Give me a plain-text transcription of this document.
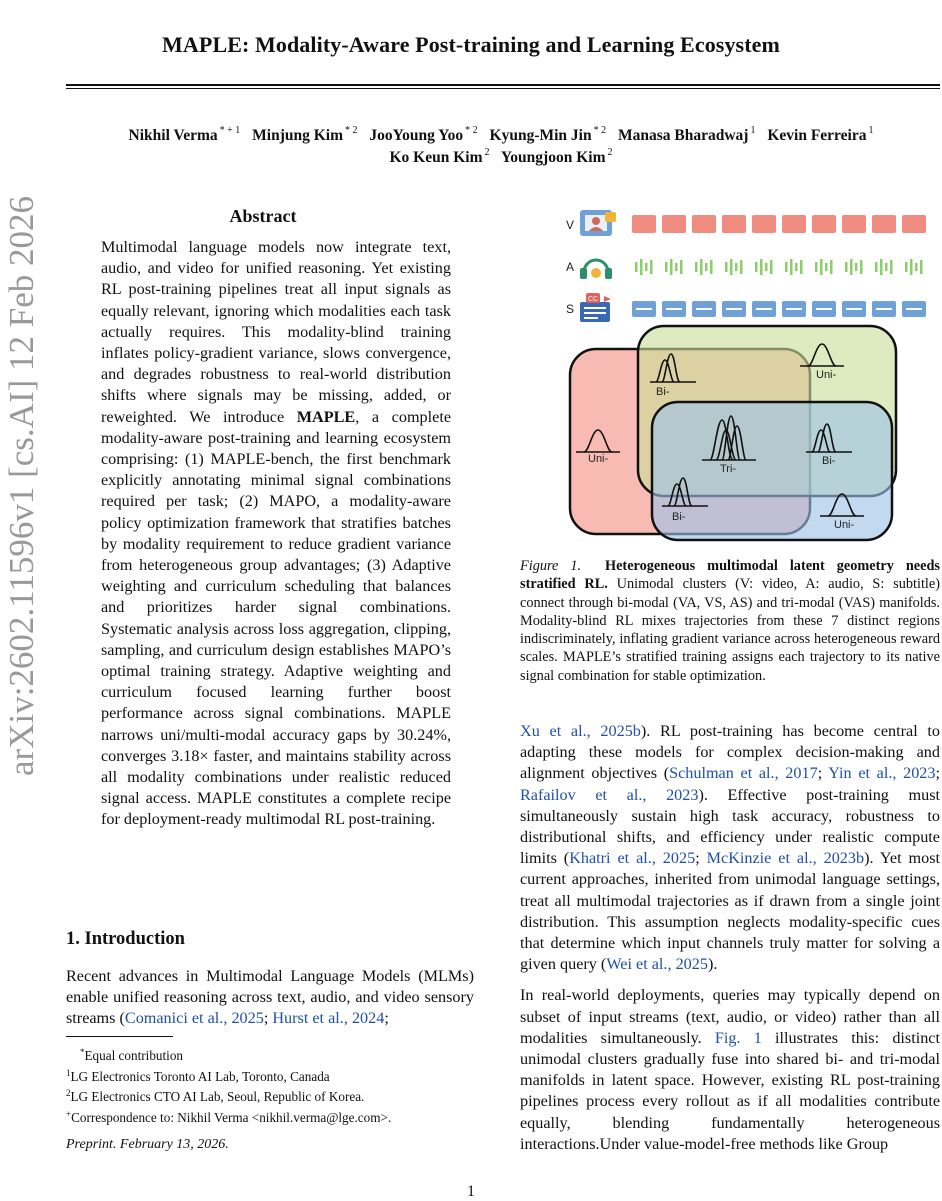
MAPLE: Modality-Aware Post-training and Learning Ecosystem
Nikhil Verma $^{* + 1}$ Minjung Kim $^{* 2}$ JooYoung Yoo $^{* 2}$ Kyung-Min Jin $^{* 2}$ Manasa Bharadwaj $^1$ Kevin Ferreira $^1$
Ko Keun Kim $^2$ Youngjoon Kim $^2$
arXiv:2602.11596v1 [cs.AI] 12 Feb 2026	Abstract
Multimodal language models now integrate text, audio, and video for unified reasoning. Yet existing RL post-training pipelines treat all input signals as equally relevant, ignoring which modalities each task actually requires. This modality-blind training inflates policy-gradient variance, slows convergence, and degrades robustness to real-world distribution shifts where signals may be missing, added, or reweighted. We introduce MAPLE, a complete modality-aware post-training and learning ecosystem comprising: (1) MAPLE-bench, the first benchmark explicitly annotating minimal signal combinations required per task; (2) MAPO, a modality-aware policy optimization framework that stratifies batches by modality requirement to reduce gradient variance from heterogeneous group advantages; (3) Adaptive weighting and curriculum scheduling that balances and prioritizes harder signal combinations. Systematic analysis across loss aggregation, clipping, sampling, and curriculum design establishes MAPO’s optimal training strategy. Adaptive weighting and curriculum focused learning further boost performance across signal combinations. MAPLE narrows uni/multi-modal accuracy gaps by 30.24%, converges 3.18× faster, and maintains stability across all modality combinations under realistic reduced signal access. MAPLE constitutes a complete recipe for deployment-ready multimodal RL post-training.
1. Introduction
Recent advances in Multimodal Language Models (MLMs) enable unified reasoning across text, audio, and video sensory streams (Comanici et al., 2025; Hurst et al., 2024;
*Equal contribution
$^1$LG Electronics Toronto AI Lab, Toronto, Canada
$^2$LG Electronics CTO AI Lab, Seoul, Republic of Korea.
+Correspondence to: Nikhil Verma <nikhil.verma@lge.com>.
Preprint. February 13, 2026.
1
V
A
S
CC
Uni-
Bi-
Uni-
Tri-
Bi-
Bi-
Uni-
Figure 1. Heterogeneous multimodal latent geometry needs stratified RL. Unimodal clusters (V: video, A: audio, S: subtitle) connect through bi-modal (VA, VS, AS) and tri-modal (VAS) manifolds. Modality-blind RL mixes trajectories from these 7 distinct regions indiscriminately, inflating gradient variance across heterogeneous reward scales. MAPLE’s stratified training assigns each trajectory to its native signal combination for stable optimization.

Xu et al., 2025b). RL post-training has become central to adapting these models for complex decision-making and alignment objectives (Schulman et al., 2017; Yin et al., 2023; Rafailov et al., 2023). Effective post-training must simultaneously sustain high task accuracy, robustness to distributional shifts, and efficiency under realistic compute limits (Khatri et al., 2025; McKinzie et al., 2023b). Yet most current approaches, inherited from unimodal language settings, treat all multimodal trajectories as if drawn from a single joint distribution. This assumption neglects modality-specific cues that determine which input channels truly matter for solving a given query (Wei et al., 2025).

In real-world deployments, queries may typically depend on subset of input streams (text, audio, or video) rather than all modalities simultaneously. Fig. 1 illustrates this: distinct unimodal clusters gradually fuse into shared bi- and tri-modal manifolds in latent space. However, existing RL post-training pipelines process every rollout as if all modalities contribute equally, blending fundamentally heterogeneous interactions.Under value-model-free methods like Group
